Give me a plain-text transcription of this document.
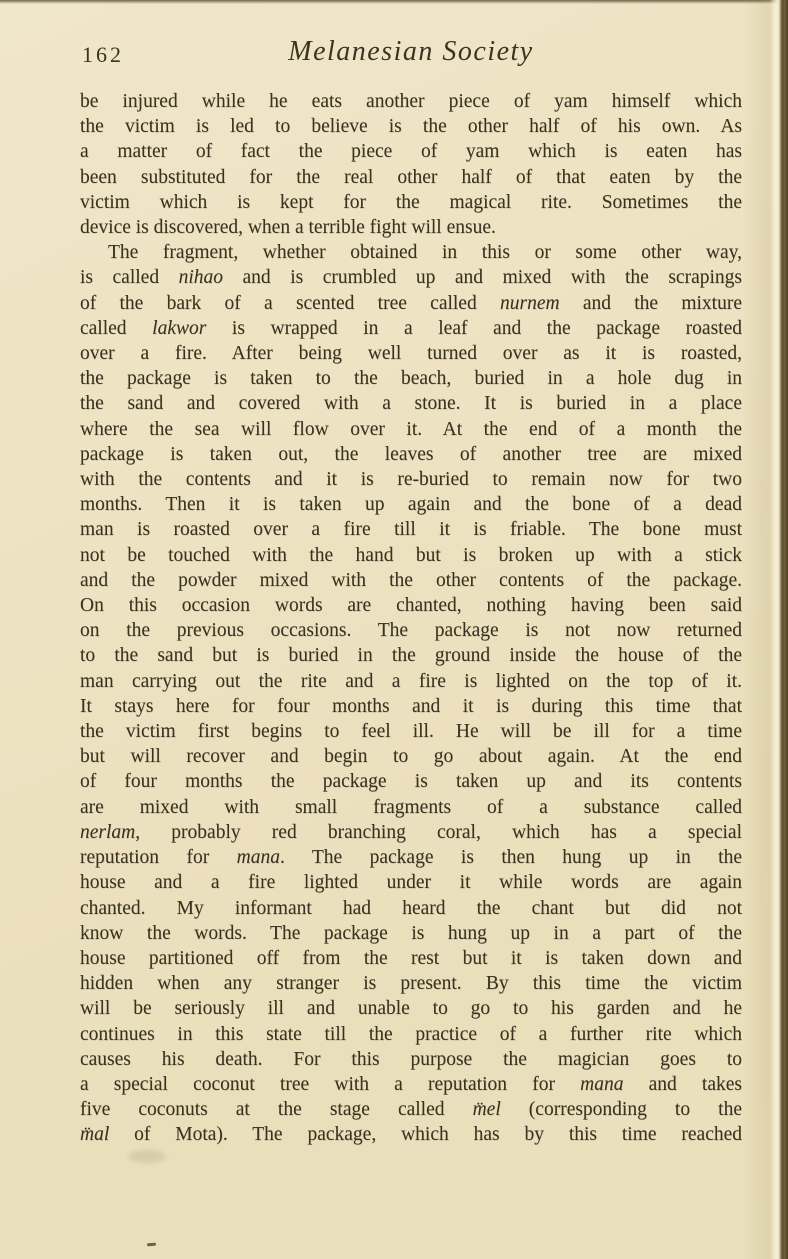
162	Melanesian Society
be injured while he eats another piece of yam himself which
the victim is led to believe is the other half of his own. As
a matter of fact the piece of yam which is eaten has
been substituted for the real other half of that eaten by the
victim which is kept for the magical rite. Sometimes the
device is discovered, when a terrible fight will ensue.
The fragment, whether obtained in this or some other way,
is called nihao and is crumbled up and mixed with the scrapings
of the bark of a scented tree called nurnem and the mixture
called lakwor is wrapped in a leaf and the package roasted
over a fire. After being well turned over as it is roasted,
the package is taken to the beach, buried in a hole dug in
the sand and covered with a stone. It is buried in a place
where the sea will flow over it. At the end of a month the
package is taken out, the leaves of another tree are mixed
with the contents and it is re-buried to remain now for two
months. Then it is taken up again and the bone of a dead
man is roasted over a fire till it is friable. The bone must
not be touched with the hand but is broken up with a stick
and the powder mixed with the other contents of the package.
On this occasion words are chanted, nothing having been said
on the previous occasions. The package is not now returned
to the sand but is buried in the ground inside the house of the
man carrying out the rite and a fire is lighted on the top of it.
It stays here for four months and it is during this time that
the victim first begins to feel ill. He will be ill for a time
but will recover and begin to go about again. At the end
of four months the package is taken up and its contents
are mixed with small fragments of a substance called
nerlam, probably red branching coral, which has a special
reputation for mana. The package is then hung up in the
house and a fire lighted under it while words are again
chanted. My informant had heard the chant but did not
know the words. The package is hung up in a part of the
house partitioned off from the rest but it is taken down and
hidden when any stranger is present. By this time the victim
will be seriously ill and unable to go to his garden and he
continues in this state till the practice of a further rite which
causes his death. For this purpose the magician goes to
a special coconut tree with a reputation for mana and takes
five coconuts at the stage called m̈el (corresponding to the
m̈al of Mota). The package, which has by this time reached
